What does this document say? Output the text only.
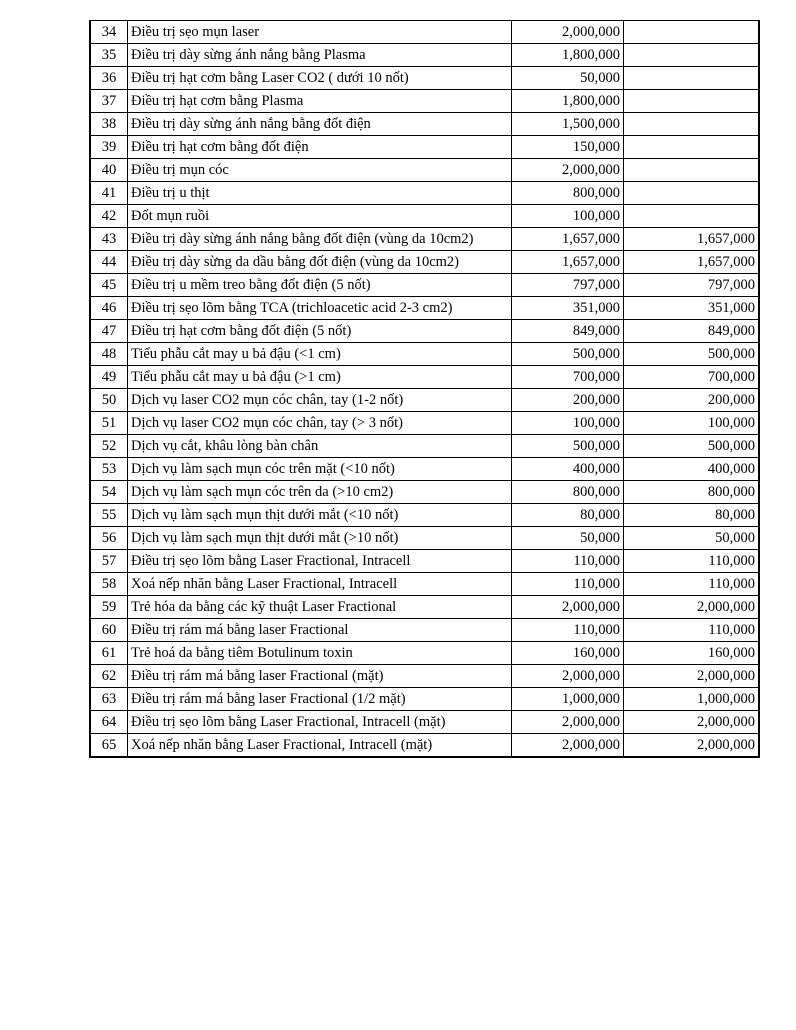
34	Điều trị sẹo mụn laser	2,000,000	
35	Điều trị dày sừng ánh nắng bằng Plasma	1,800,000	
36	Điều trị hạt cơm bằng Laser CO2 ( dưới 10 nốt)	50,000	
37	Điều trị hạt cơm bằng Plasma	1,800,000	
38	Điều trị dày sừng ánh nắng bằng đốt điện	1,500,000	
39	Điều trị hạt cơm bằng đốt điện	150,000	
40	Điều trị mụn cóc	2,000,000	
41	Điều trị u thịt	800,000	
42	Đốt mụn ruồi	100,000	
43	Điều trị dày sừng ánh nắng bằng đốt điện (vùng da 10cm2)	1,657,000	1,657,000
44	Điều trị dày sừng da dầu bằng đốt điện (vùng da 10cm2)	1,657,000	1,657,000
45	Điều trị u mềm treo bằng đốt điện (5 nốt)	797,000	797,000
46	Điều trị sẹo lõm bằng TCA (trichloacetic acid 2-3 cm2)	351,000	351,000
47	Điều trị hạt cơm bằng đốt điện (5 nốt)	849,000	849,000
48	Tiểu phẫu cắt may u bả đậu (<1 cm)	500,000	500,000
49	Tiểu phẫu cắt may u bả đậu (>1 cm)	700,000	700,000
50	Dịch vụ laser CO2 mụn cóc chân, tay (1-2 nốt)	200,000	200,000
51	Dịch vụ laser CO2 mụn cóc chân, tay (> 3 nốt)	100,000	100,000
52	Dịch vụ cắt, khâu lòng bàn chân	500,000	500,000
53	Dịch vụ làm sạch mụn cóc trên mặt (<10 nốt)	400,000	400,000
54	Dịch vụ làm sạch mụn cóc trên da (>10 cm2)	800,000	800,000
55	Dịch vụ làm sạch mụn thịt dưới mắt (<10 nốt)	80,000	80,000
56	Dịch vụ làm sạch mụn thịt dưới mắt (>10 nốt)	50,000	50,000
57	Điều trị sẹo lõm bằng Laser Fractional, Intracell	110,000	110,000
58	Xoá nếp nhăn bằng Laser Fractional, Intracell	110,000	110,000
59	Trẻ hóa da bằng các kỹ thuật Laser Fractional	2,000,000	2,000,000
60	Điều trị rám má bằng laser Fractional	110,000	110,000
61	Trẻ hoá da bằng tiêm Botulinum toxin	160,000	160,000
62	Điều trị rám má bằng laser Fractional (mặt)	2,000,000	2,000,000
63	Điều trị rám má bằng laser Fractional (1/2 mặt)	1,000,000	1,000,000
64	Điều trị sẹo lõm bằng Laser Fractional, Intracell (mặt)	2,000,000	2,000,000
65	Xoá nếp nhăn bằng Laser Fractional, Intracell (mặt)	2,000,000	2,000,000
